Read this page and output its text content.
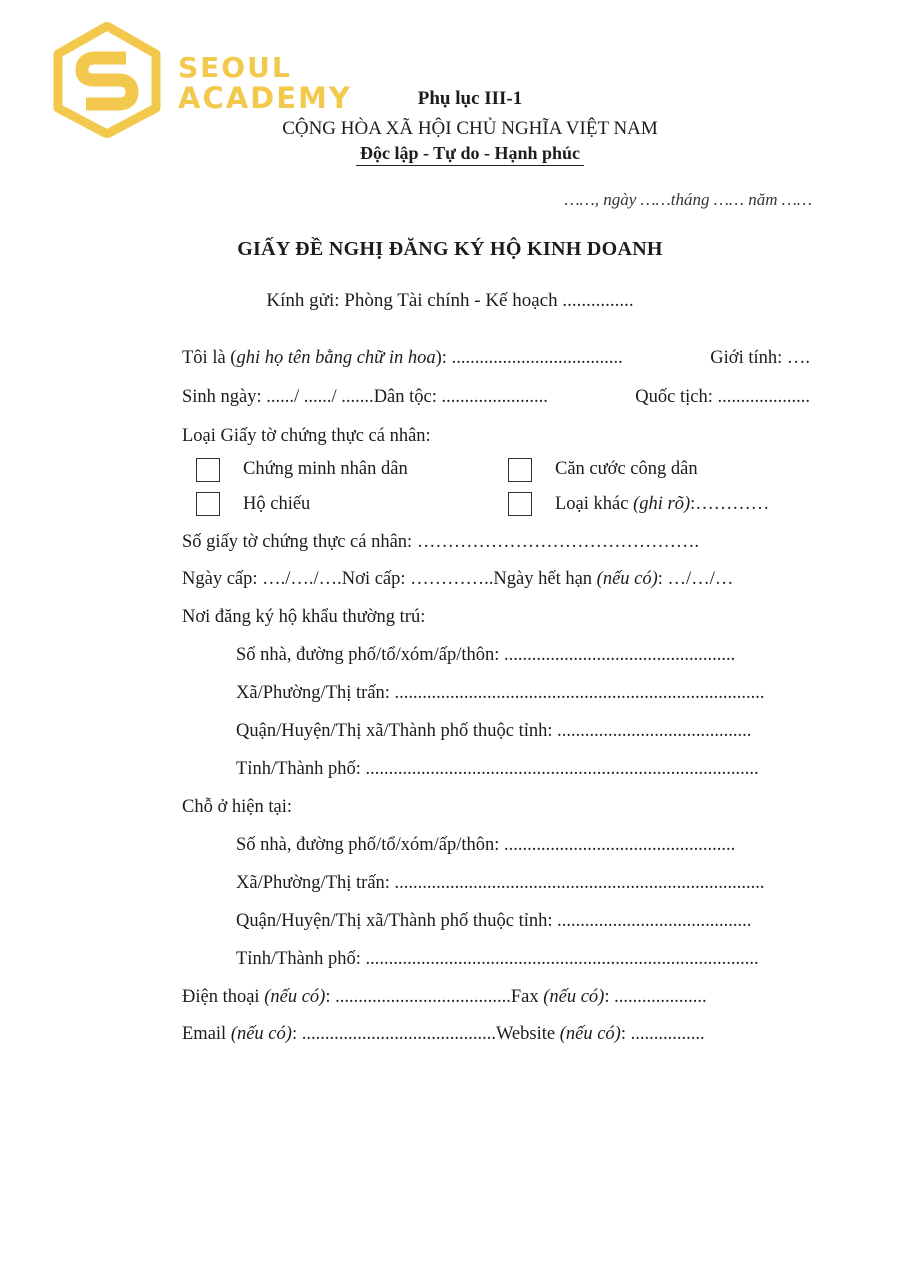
SEOUL
ACADEMY	Phụ lục III-1
CỘNG HÒA XÃ HỘI CHỦ NGHĨA VIỆT NAM
Độc lập - Tự do - Hạnh phúc
……, ngày ……tháng …… năm ……
GIẤY ĐỀ NGHỊ ĐĂNG KÝ HỘ KINH DOANH
Kính gửi: Phòng Tài chính - Kế hoạch ...............
Tôi là (ghi họ tên bằng chữ in hoa): .....................................	Giới tính: ….
Sinh ngày: ....../ ....../ .......Dân tộc: .......................	Quốc tịch: ....................
Loại Giấy tờ chứng thực cá nhân:
Chứng minh nhân dân	Căn cước công dân
Hộ chiếu	Loại khác (ghi rõ):…………
Số giấy tờ chứng thực cá nhân: ……………………………………….
Ngày cấp: …./…./….Nơi cấp: …………..Ngày hết hạn (nếu có): …/…/…
Nơi đăng ký hộ khẩu thường trú:
Số nhà, đường phố/tổ/xóm/ấp/thôn: ..................................................
Xã/Phường/Thị trấn: ................................................................................
Quận/Huyện/Thị xã/Thành phố thuộc tỉnh: ..........................................
Tỉnh/Thành phố: .....................................................................................
Chỗ ở hiện tại:
Số nhà, đường phố/tổ/xóm/ấp/thôn: ..................................................
Xã/Phường/Thị trấn: ................................................................................
Quận/Huyện/Thị xã/Thành phố thuộc tỉnh: ..........................................
Tỉnh/Thành phố: .....................................................................................
Điện thoại (nếu có): ......................................Fax (nếu có): ....................
Email (nếu có): ..........................................Website (nếu có): ................
